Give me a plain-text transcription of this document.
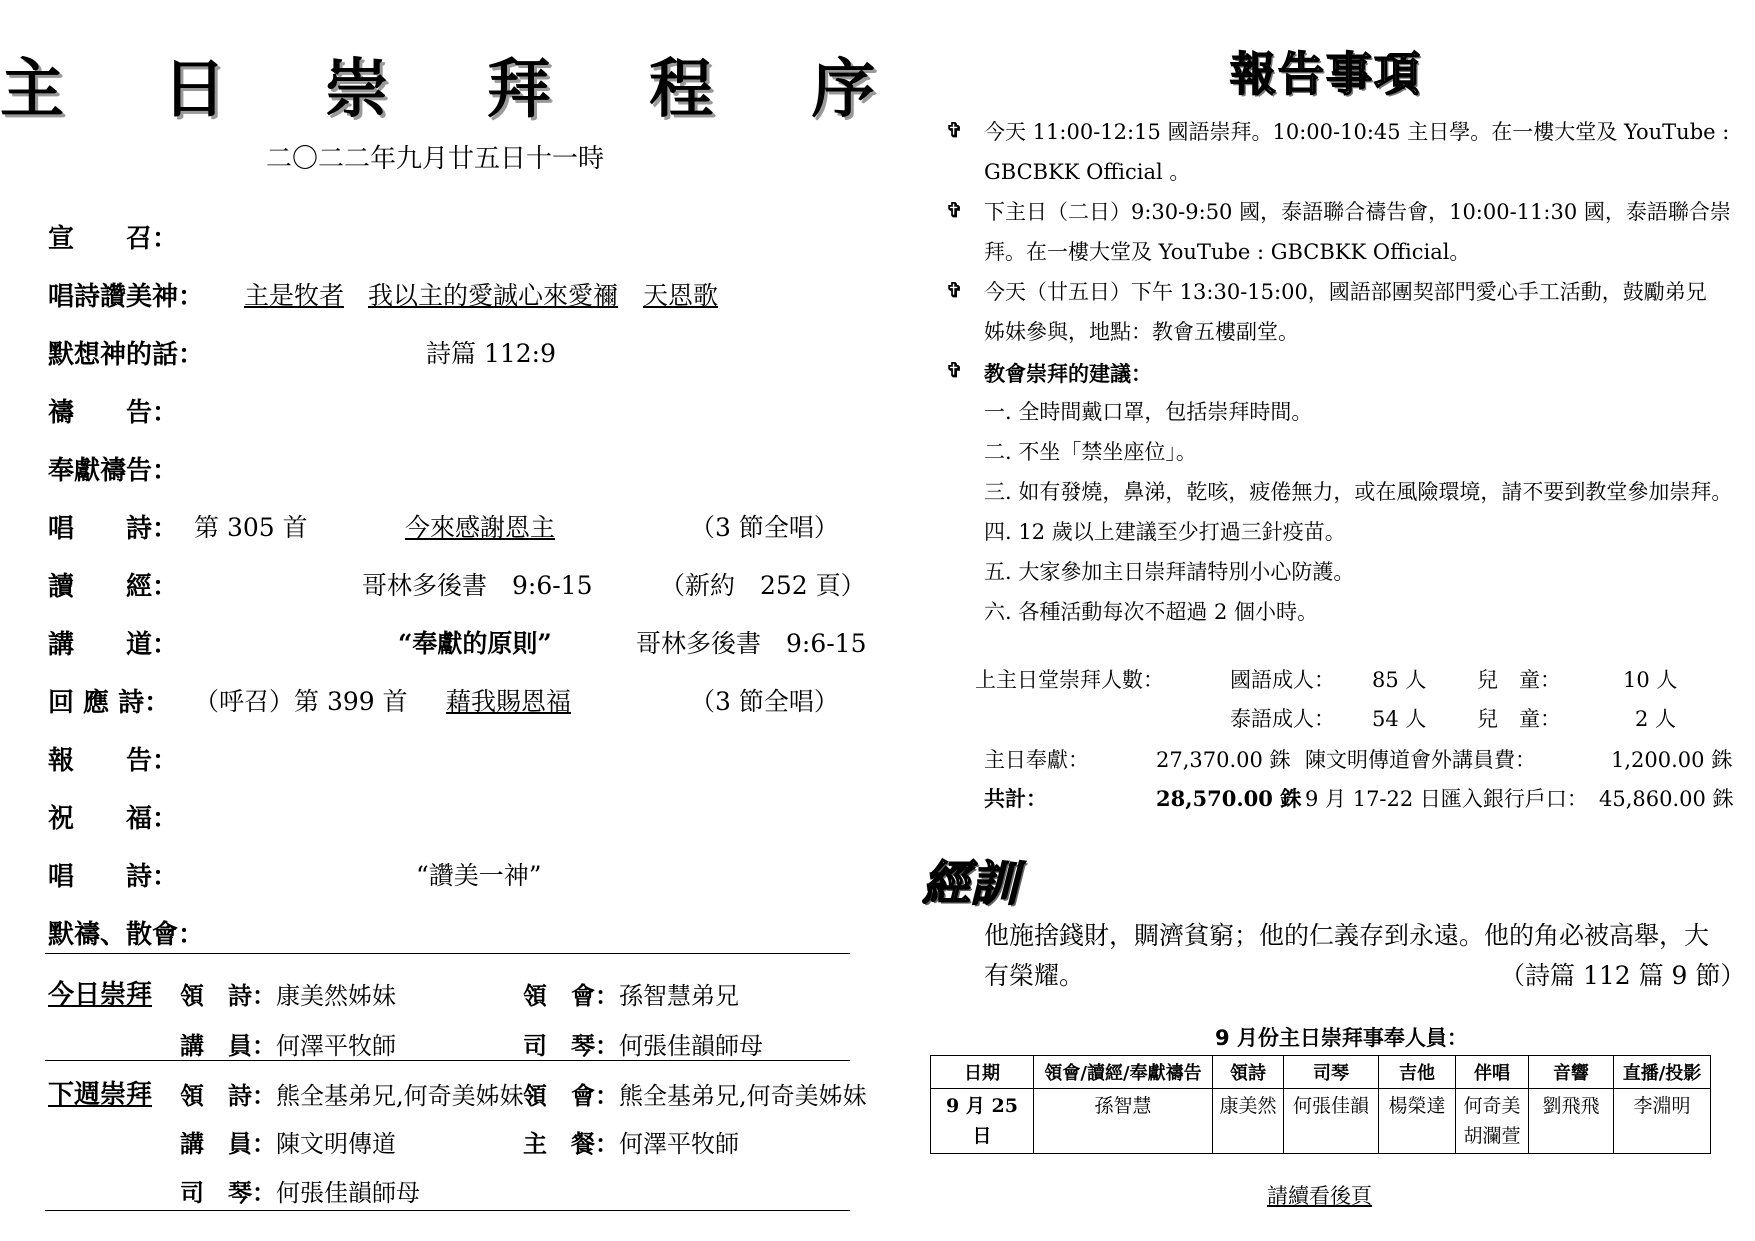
主 日 崇 拜 程 序
二〇二二年九月廿五日十一時
宣　　召：
唱詩讚美神： 主是牧者 我以主的愛誠心來愛禰 天恩歌
默想神的話：	詩篇 112:9
禱　　告：
奉獻禱告：
唱　　詩： 第 305 首	今來感謝恩主	（3 節全唱）
讀　　經：	哥林多後書　9:6-15	（新約　252 頁）
講　　道：	“奉獻的原則”	哥林多後書　9:6-15
回 應 詩： （呼召）第 399 首 藉我賜恩福	（3 節全唱）
報　　告：
祝　　福：
唱　　詩：	“讚美一神”
默禱、散會：
今日崇拜 領　詩：康美然姊妹	領　會：孫智慧弟兄
講　員：何澤平牧師	司　琴：何張佳韻師母
下週崇拜 領　詩：熊全基弟兄,何奇美姊妹 領　會：熊全基弟兄,何奇美姊妹
講　員：陳文明傳道	主　餐：何澤平牧師
司　琴：何張佳韻師母
報告事項
✞ 今天 11:00-12:15 國語崇拜。10:00-10:45 主日學。在一樓大堂及 YouTube :
GBCBKK Official 。
✞ 下主日（二日）9:30-9:50 國，泰語聯合禱告會，10:00-11:30 國，泰語聯合崇
拜。在一樓大堂及 YouTube : GBCBKK Official。
✞ 今天（廿五日）下午 13:30-15:00，國語部團契部門愛心手工活動，鼓勵弟兄
姊妹參與，地點：教會五樓副堂。
✞ 教會崇拜的建議：
一. 全時間戴口罩，包括崇拜時間。
二. 不坐「禁坐座位」。
三. 如有發燒，鼻涕，乾咳，疲倦無力，或在風險環境，請不要到教堂參加崇拜。
四. 12 歲以上建議至少打過三針疫苗。
五. 大家參加主日崇拜請特別小心防護。
六. 各種活動每次不超過 2 個小時。
上主日堂崇拜人數：	國語成人： 85 人 兒　童：	10 人
泰語成人： 54 人 兒　童：	2 人
主日奉獻：	27,370.00 銖 陳文明傳道會外講員費：	1,200.00 銖
共計：	28,570.00 銖 9 月 17-22 日匯入銀行戶口： 45,860.00 銖
經訓
他施捨錢財，賙濟貧窮；他的仁義存到永遠。他的角必被高舉，大
有榮耀。	（詩篇 112 篇 9 節）
9 月份主日崇拜事奉人員：
日期	領會/讀經/奉獻禱告	領詩	司琴	吉他	伴唱	音響	直播/投影
9 月 25 日	孫智慧	康美然	何張佳韻	楊榮達	何奇美 胡瀾萱	劉飛飛	李淵明
請續看後頁
